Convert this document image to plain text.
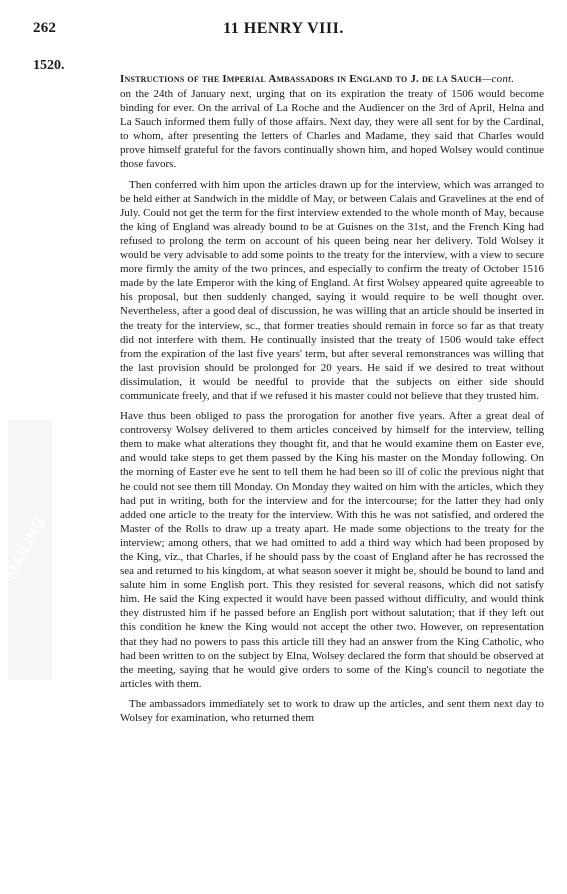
262	11 HENRY VIII.
1520.
MAILING

Instructions of the Imperial Ambassadors in England to J. de la Sauch—cont.

on the 24th of January next, urging that on its expiration the treaty of 1506 would become binding for ever. On the arrival of La Roche and the Audiencer on the 3rd of April, Helna and La Sauch informed them fully of those affairs. Next day, they were all sent for by the Cardinal, to whom, after presenting the letters of Charles and Madame, they said that Charles would prove himself grateful for the favors continually shown him, and hoped Wolsey would continue those favors.

Then conferred with him upon the articles drawn up for the interview, which was arranged to be held either at Sandwich in the middle of May, or between Calais and Gravelines at the end of July. Could not get the term for the first interview extended to the whole month of May, because the king of England was already bound to be at Guisnes on the 31st, and the French King had refused to prolong the term on account of his queen being near her delivery. Told Wolsey it would be very advisable to add some points to the treaty for the interview, with a view to secure more firmly the amity of the two princes, and especially to confirm the treaty of October 1516 made by the late Emperor with the king of England. At first Wolsey appeared quite agreeable to his proposal, but then suddenly changed, saying it would require to be well thought over. Nevertheless, after a good deal of discussion, he was willing that an article should be inserted in the treaty for the interview, sc., that former treaties should remain in force so far as that treaty did not interfere with them. He continually insisted that the treaty of 1506 would take effect from the expiration of the last five years' term, but after several remonstrances was willing that the last provision should be prolonged for 20 years. He said if we desired to treat without dissimulation, it would be needful to provide that the subjects on either side should communicate freely, and that if we refused it his master could not believe that they trusted him.

Have thus been obliged to pass the prorogation for another five years. After a great deal of controversy Wolsey delivered to them articles conceived by himself for the interview, telling them to make what alterations they thought fit, and that he would examine them on Easter eve, and would take steps to get them passed by the King his master on the Monday following. On the morning of Easter eve he sent to tell them he had been so ill of colic the previous night that he could not see them till Monday. On Monday they waited on him with the articles, which they had put in writing, both for the interview and for the intercourse; for the latter they had only added one article to the treaty for the interview. With this he was not satisfied, and ordered the Master of the Rolls to draw up a treaty apart. He made some objections to the treaty for the interview; among others, that we had omitted to add a third way which had been proposed by the King, viz., that Charles, if he should pass by the coast of England after he has recrossed the sea and returned to his kingdom, at what season soever it might be, should be bound to land and salute him in some English port. This they resisted for several reasons, which did not satisfy him. He said the King expected it would have been passed without difficulty, and would think they distrusted him if he passed before an English port without salutation; that if they left out this condition he knew the King would not accept the other two. However, on representation that they had no powers to pass this article till they had an answer from the King Catholic, who had been written to on the subject by Elna, Wolsey declared the form that should be observed at the meeting, saying that he would give orders to some of the King's council to negotiate the articles with them.

The ambassadors immediately set to work to draw up the articles, and sent them next day to Wolsey for examination, who returned them
